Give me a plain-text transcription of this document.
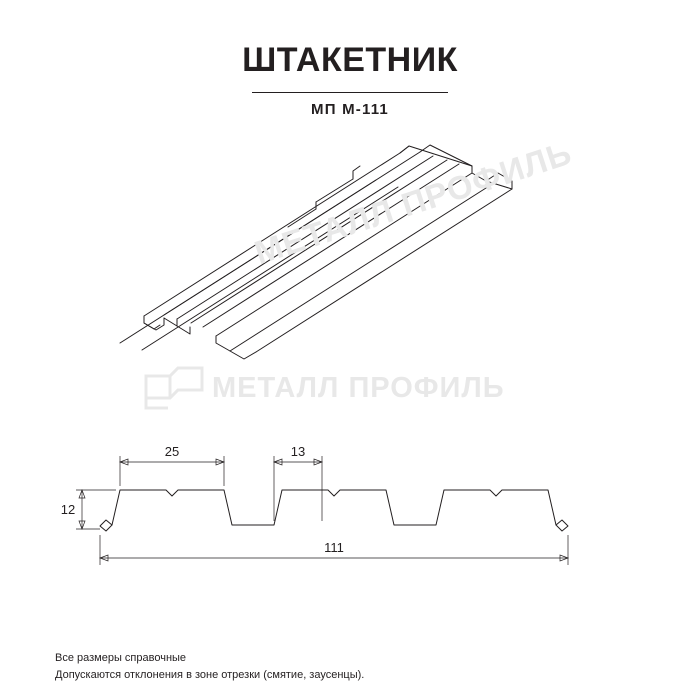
ШТАКЕТНИК
МП М-111
МЕТАЛЛ ПРОФИЛЬ
МЕТАЛЛ ПРОФИЛЬ
25	13
12
111
Все размеры справочные
Допускаются отклонения в зоне отрезки (смятие, заусенцы).
